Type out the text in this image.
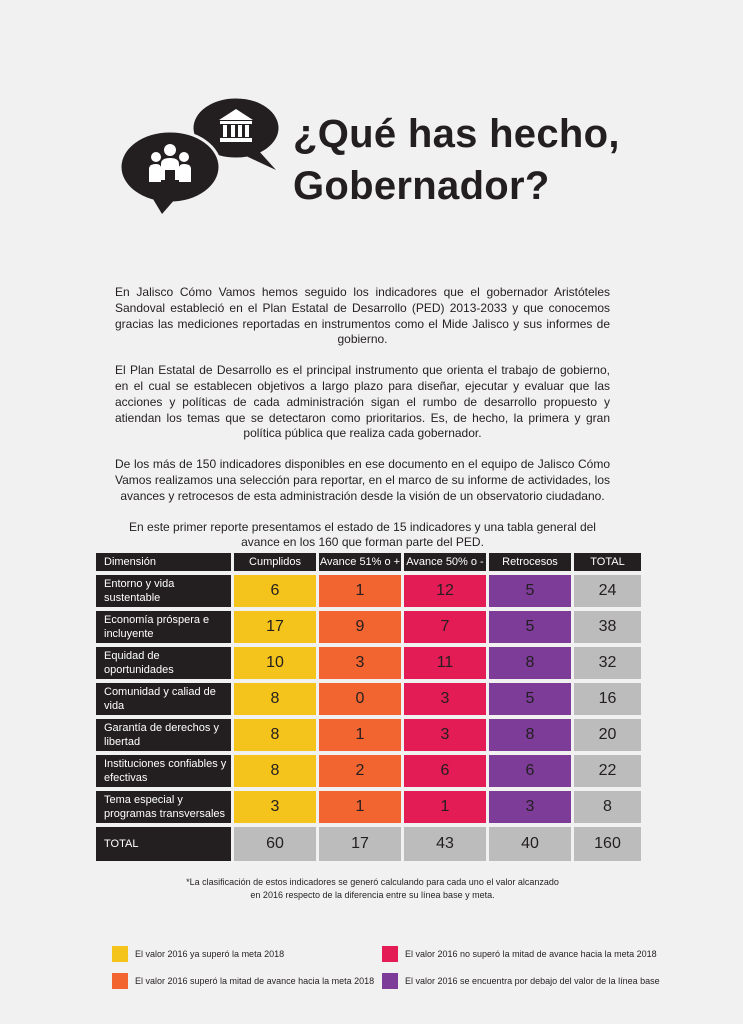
¿Qué has hecho,
Gobernador?

En Jalisco Cómo Vamos hemos seguido los indicadores que el gobernador Aristóteles Sandoval estableció en el Plan Estatal de Desarrollo (PED) 2013-2033 y que conocemos gracias las mediciones reportadas en instrumentos como el Mide Jalisco y sus informes de gobierno.

El Plan Estatal de Desarrollo es el principal instrumento que orienta el trabajo de gobierno, en el cual se establecen objetivos a largo plazo para diseñar, ejecutar y evaluar que las acciones y políticas de cada administración sigan el rumbo de desarrollo propuesto y atiendan los temas que se detectaron como prioritarios. Es, de hecho, la primera y gran política pública que realiza cada gobernador.

De los más de 150 indicadores disponibles en ese documento en el equipo de Jalisco Cómo Vamos realizamos una selección para reportar, en el marco de su informe de actividades, los avances y retrocesos de esta administración desde la visión de un observatorio ciudadano.

En este primer reporte presentamos el estado de 15 indicadores y una tabla general del avance en los 160 que forman parte del PED.

Dimensión	Cumplidos	Avance 51% o +	Avance 50% o -	Retrocesos	TOTAL
Entorno y vida sustentable	6	1	12	5	24
Economía próspera e incluyente	17	9	7	5	38
Equidad de oportunidades	10	3	11	8	32
Comunidad y caliad de vida	8	0	3	5	16
Garantía de derechos y libertad	8	1	3	8	20
Instituciones confiables y efectivas	8	2	6	6	22
Tema especial y programas transversales	3	1	1	3	8
TOTAL	60	17	43	40	160
*La clasificación de estos indicadores se generó calculando para cada uno el valor alcanzado
en 2016 respecto de la diferencia entre su línea base y meta.
El valor 2016 ya superó la meta 2018
El valor 2016 superó la mitad de avance hacia la meta 2018
El valor 2016 no superó la mitad de avance hacia la meta 2018
El valor 2016 se encuentra por debajo del valor de la línea base
